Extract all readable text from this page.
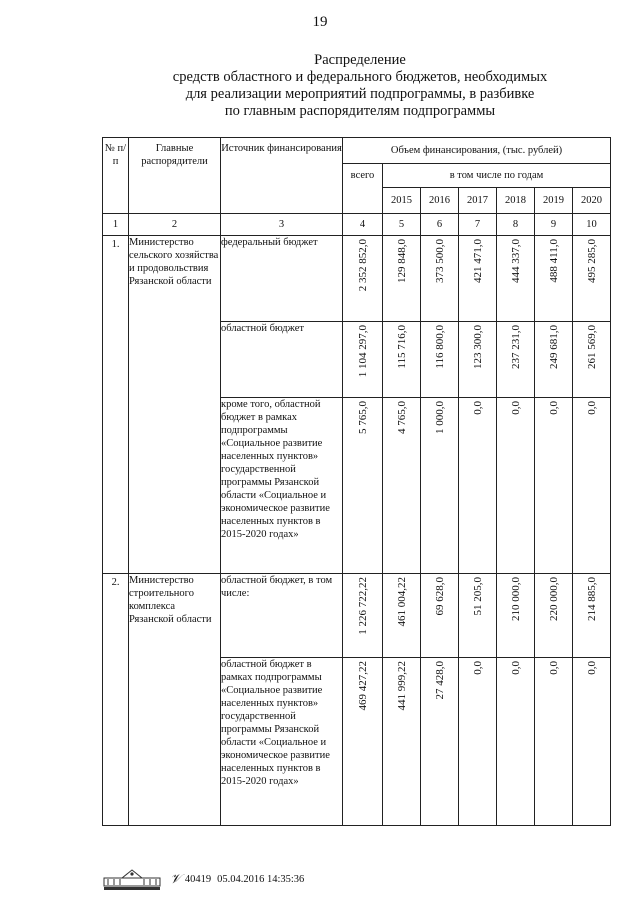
19
Распределение
средств областного и федерального бюджетов, необходимых
для реализации мероприятий подпрограммы, в разбивке
по главным распорядителям подпрограммы
№ п/п	Главные распорядители	Источник финансирования	Объем финансирования, (тыс. рублей)						
			всего	в том числе по годам					
				2015	2016	2017	2018	2019	2020
1	2	3	4	5	6	7	8	9	10
1.	Министерство сельского хозяйства и продовольствия Рязанской области	федеральный бюджет	2 352 852,0	129 848,0	373 500,0	421 471,0	444 337,0	488 411,0	495 285,0

		областной бюджет	1 104 297,0	115 716,0	116 800,0	123 300,0	237 231,0	249 681,0	261 569,0

		кроме того, областной бюджет в рамках подпрограммы «Социальное развитие населенных пунктов» государственной программы Рязанской области «Социальное и экономическое развитие населенных пунктов в 2015-2020 годах»	5 765,0	4 765,0	1 000,0	0,0	0,0	0,0	0,0

2.	Министерство строительного комплекса Рязанской области	областной бюджет, в том числе:	1 226 722,22	461 004,22	69 628,0	51 205,0	210 000,0	220 000,0	214 885,0

		областной бюджет в рамках подпрограммы «Социальное развитие населенных пунктов» государственной программы Рязанской области «Социальное и экономическое развитие населенных пунктов в 2015-2020 годах»	469 427,22	441 999,22	27 428,0	0,0	0,0	0,0	0,0
𝒱 40419 05.04.2016 14:35:36
